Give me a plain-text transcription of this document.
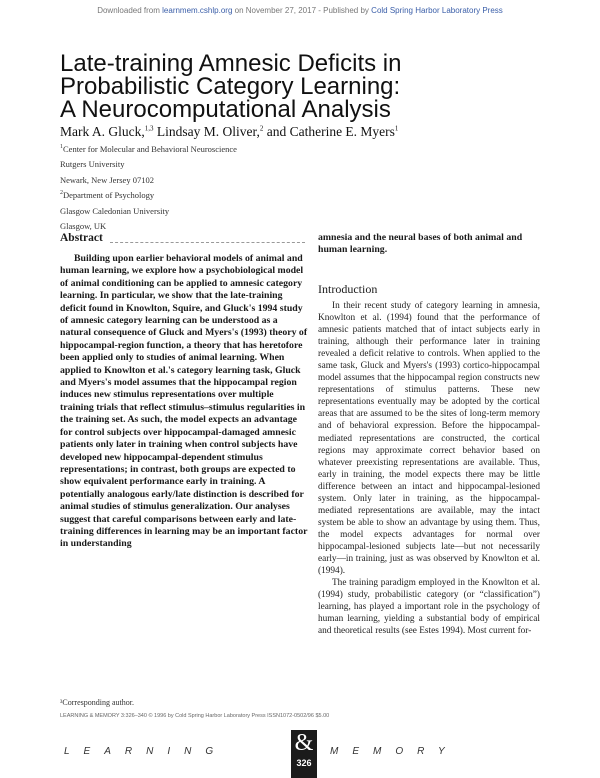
Downloaded from learnmem.cshlp.org on November 27, 2017 - Published by Cold Spring Harbor Laboratory Press
Late-training Amnesic Deficits in
Probabilistic Category Learning:
A Neurocomputational Analysis
Mark A. Gluck,$^{1,3}$ Lindsay M. Oliver,$^2$ and Catherine E. Myers$^1$
$^1$Center for Molecular and Behavioral Neuroscience
Rutgers University
Newark, New Jersey 07102
$^2$Department of Psychology
Glasgow Caledonian University
Glasgow, UK
Abstract

Building upon earlier behavioral models of animal and human learning, we explore how a psychobiological model of animal conditioning can be applied to amnesic category learning. In particular, we show that the late-training deficit found in Knowlton, Squire, and Gluck's 1994 study of amnesic category learning can be understood as a natural consequence of Gluck and Myers's (1993) theory of hippocampal-region function, a theory that has heretofore been applied only to studies of animal learning. When applied to Knowlton et al.'s category learning task, Gluck and Myers's model assumes that the hippocampal region induces new stimulus representations over multiple training trials that reflect stimulus–stimulus regularities in the training set. As such, the model expects an advantage for control subjects over hippocampal-damaged amnesic patients only later in training when control subjects have developed new hippocampal-dependent stimulus representations; in contrast, both groups are expected to show equivalent performance early in training. A potentially analogous early/late distinction is described for animal studies of stimulus generalization. Our analyses suggest that careful comparisons between early and late-training differences in learning may be an important factor in understanding

³Corresponding author.

amnesia and the neural bases of both animal and human learning.

Introduction

In their recent study of category learning in amnesia, Knowlton et al. (1994) found that the performance of amnesic patients matched that of intact subjects early in training, although their performance later in training revealed a deficit relative to controls. When applied to the same task, Gluck and Myers's (1993) cortico-hippocampal model assumes that the hippocampal region constructs new representations of stimulus patterns. These new representations eventually may be adopted by the cortical areas that are assumed to be the sites of long-term memory and of behavioral expression. Before the hippocampal-mediated representations are constructed, the cortical regions may approximate correct behavior based on whatever preexisting representations are available. Thus, early in training, the model expects there may be little difference between an intact and hippocampal-lesioned system. Only later in training, as the hippocampal-mediated representations are available, may the intact system be able to show an advantage by using them. Thus, the model expects advantages for normal over hippocampal-lesioned subjects late—but not necessarily early—in training, just as was observed by Knowlton et al. (1994).

The training paradigm employed in the Knowlton et al. (1994) study, probabilistic category (or “classification”) learning, has played a important role in the psychology of human learning, yielding a substantial body of empirical and theoretical results (see Estes 1994). Most current for-

LEARNING & MEMORY 3:326–340 © 1996 by Cold Spring Harbor Laboratory Press ISSN1072-0502/96 $5.00
LEARNING	&
326
MEMORY
